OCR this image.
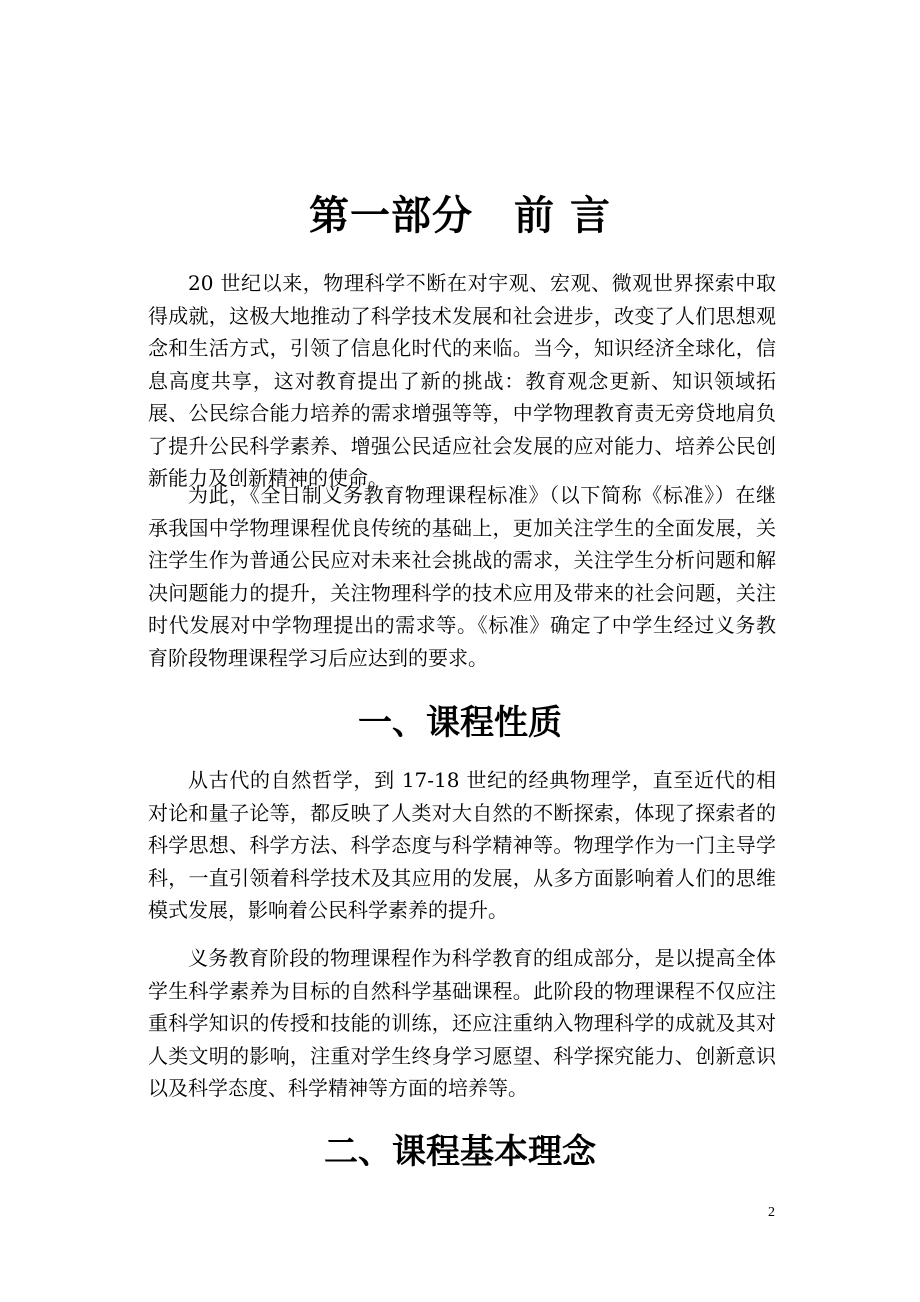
第一部分　前 言

20 世纪以来，物理科学不断在对宇观、宏观、微观世界探索中取得成就，这极大地推动了科学技术发展和社会进步，改变了人们思想观念和生活方式，引领了信息化时代的来临。当今，知识经济全球化，信息高度共享，这对教育提出了新的挑战：教育观念更新、知识领域拓展、公民综合能力培养的需求增强等等，中学物理教育责无旁贷地肩负了提升公民科学素养、增强公民适应社会发展的应对能力、培养公民创新能力及创新精神的使命。

为此，《全日制义务教育物理课程标准》（以下简称《标准》）在继承我国中学物理课程优良传统的基础上，更加关注学生的全面发展，关注学生作为普通公民应对未来社会挑战的需求，关注学生分析问题和解决问题能力的提升，关注物理科学的技术应用及带来的社会问题，关注时代发展对中学物理提出的需求等。《标准》确定了中学生经过义务教育阶段物理课程学习后应达到的要求。

一、课程性质

从古代的自然哲学，到 17-18 世纪的经典物理学，直至近代的相对论和量子论等，都反映了人类对大自然的不断探索，体现了探索者的科学思想、科学方法、科学态度与科学精神等。物理学作为一门主导学科，一直引领着科学技术及其应用的发展，从多方面影响着人们的思维模式发展，影响着公民科学素养的提升。

义务教育阶段的物理课程作为科学教育的组成部分，是以提高全体学生科学素养为目标的自然科学基础课程。此阶段的物理课程不仅应注重科学知识的传授和技能的训练，还应注重纳入物理科学的成就及其对人类文明的影响，注重对学生终身学习愿望、科学探究能力、创新意识以及科学态度、科学精神等方面的培养等。

二、课程基本理念
2
